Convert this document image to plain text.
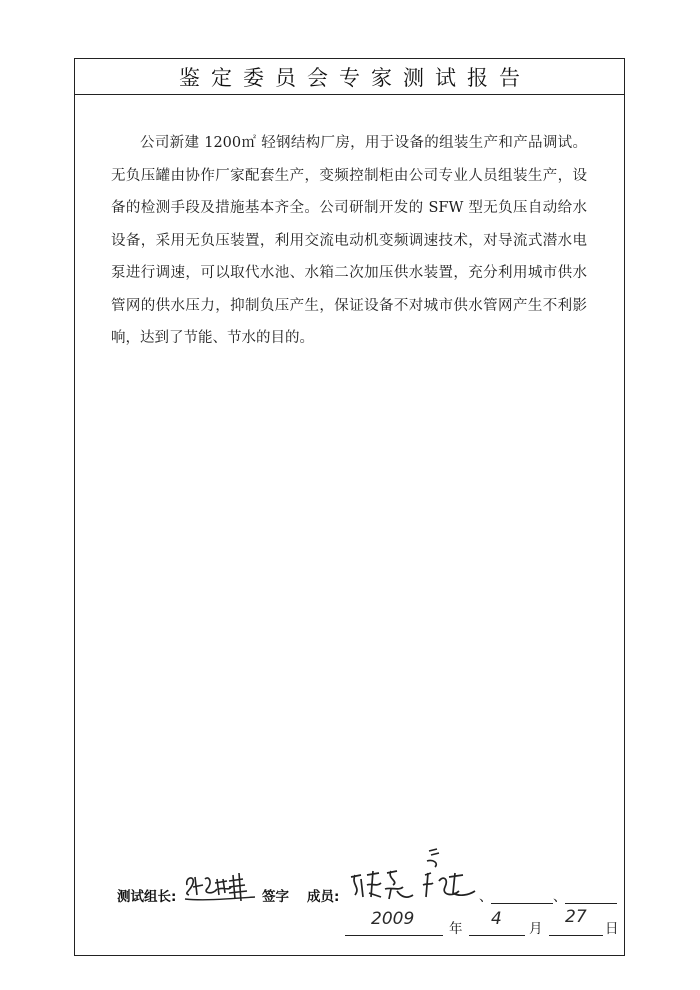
鉴定委员会专家测试报告

公司新建 1200㎡ 轻钢结构厂房，用于设备的组装生产和产品调试。无负压罐由协作厂家配套生产，变频控制柜由公司专业人员组装生产，设备的检测手段及措施基本齐全。公司研制开发的 SFW 型无负压自动给水设备，采用无负压装置，利用交流电动机变频调速技术，对导流式潜水电泵进行调速，可以取代水池、水箱二次加压供水装置，充分利用城市供水管网的供水压力，抑制负压产生，保证设备不对城市供水管网产生不利影响，达到了节能、节水的目的。

测试组长:	签字 成员:	、	、
2009	年 4 月
27
日
